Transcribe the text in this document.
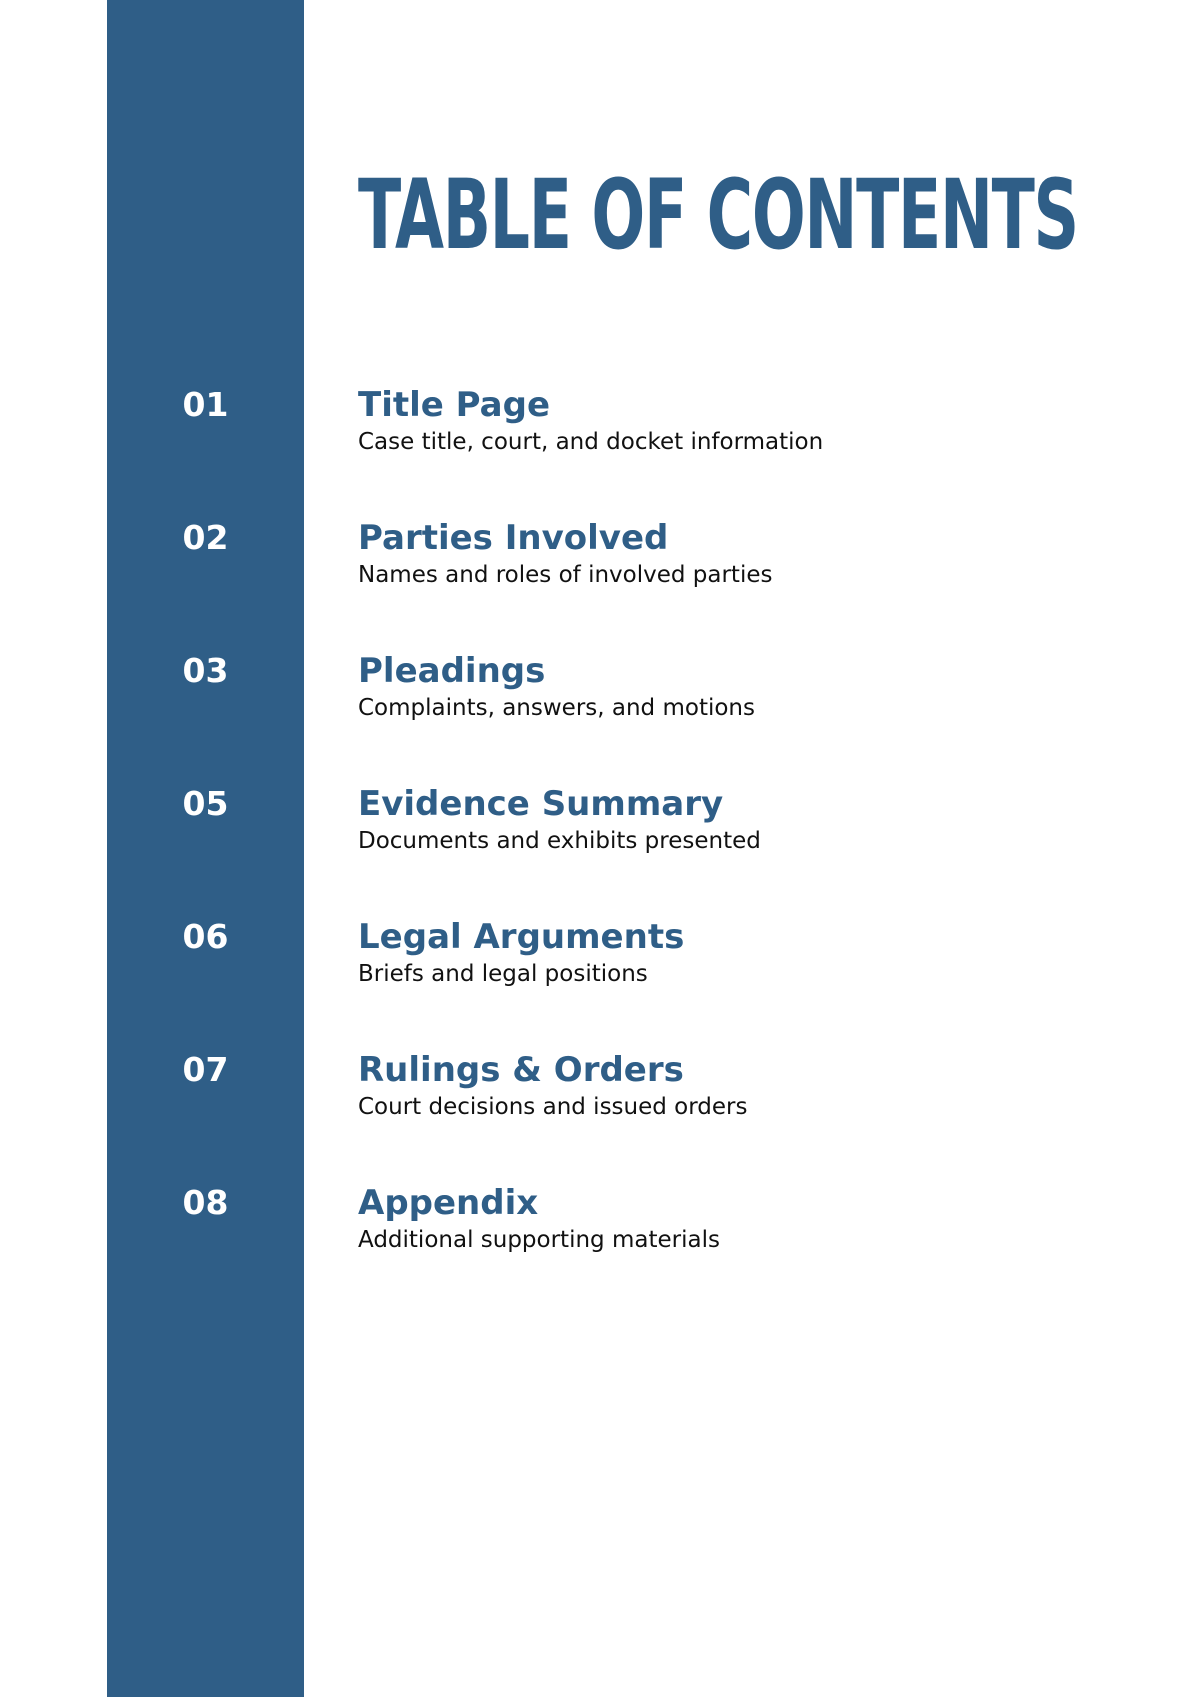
TABLE OF CONTENTS
01	Title Page
Case title, court, and docket information
02	Parties Involved
Names and roles of involved parties
03	Pleadings
Complaints, answers, and motions
05	Evidence Summary
Documents and exhibits presented
06	Legal Arguments
Briefs and legal positions
07	Rulings & Orders
Court decisions and issued orders
08	Appendix
Additional supporting materials
